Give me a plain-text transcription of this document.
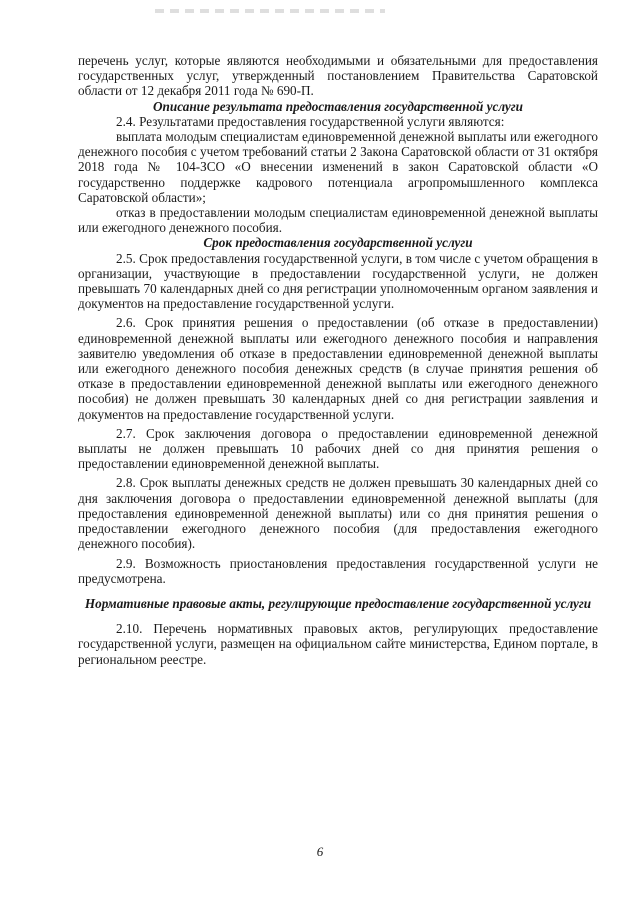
перечень услуг, которые являются необходимыми и обязательными для предоставления государственных услуг, утвержденный постановлением Правительства Саратовской области от 12 декабря 2011 года № 690-П.

Описание результата предоставления государственной услуги

2.4. Результатами предоставления государственной услуги являются:

выплата молодым специалистам единовременной денежной выплаты или ежегодного денежного пособия с учетом требований статьи 2 Закона Саратовской области от 31 октября 2018 года № 104-ЗСО «О внесении изменений в закон Саратовской области «О государственно поддержке кадрового потенциала агропромышленного комплекса Саратовской области»;

отказ в предоставлении молодым специалистам единовременной денежной выплаты или ежегодного денежного пособия.

Срок предоставления государственной услуги

2.5. Срок предоставления государственной услуги, в том числе с учетом обращения в организации, участвующие в предоставлении государственной услуги, не должен превышать 70 календарных дней со дня регистрации уполномоченным органом заявления и документов на предоставление государственной услуги.

2.6. Срок принятия решения о предоставлении (об отказе в предоставлении) единовременной денежной выплаты или ежегодного денежного пособия и направления заявителю уведомления об отказе в предоставлении единовременной денежной выплаты или ежегодного денежного пособия денежных средств (в случае принятия решения об отказе в предоставлении единовременной денежной выплаты или ежегодного денежного пособия) не должен превышать 30 календарных дней со дня регистрации заявления и документов на предоставление государственной услуги.

2.7. Срок заключения договора о предоставлении единовременной денежной выплаты не должен превышать 10 рабочих дней со дня принятия решения о предоставлении единовременной денежной выплаты.

2.8. Срок выплаты денежных средств не должен превышать 30 календарных дней со дня заключения договора о предоставлении единовременной денежной выплаты (для предоставления единовременной денежной выплаты) или со дня принятия решения о предоставлении ежегодного денежного пособия (для предоставления ежегодного денежного пособия).

2.9. Возможность приостановления предоставления государственной услуги не предусмотрена.

Нормативные правовые акты, регулирующие предоставление государственной услуги

2.10. Перечень нормативных правовых актов, регулирующих предоставление государственной услуги, размещен на официальном сайте министерства, Едином портале, в региональном реестре.

6
